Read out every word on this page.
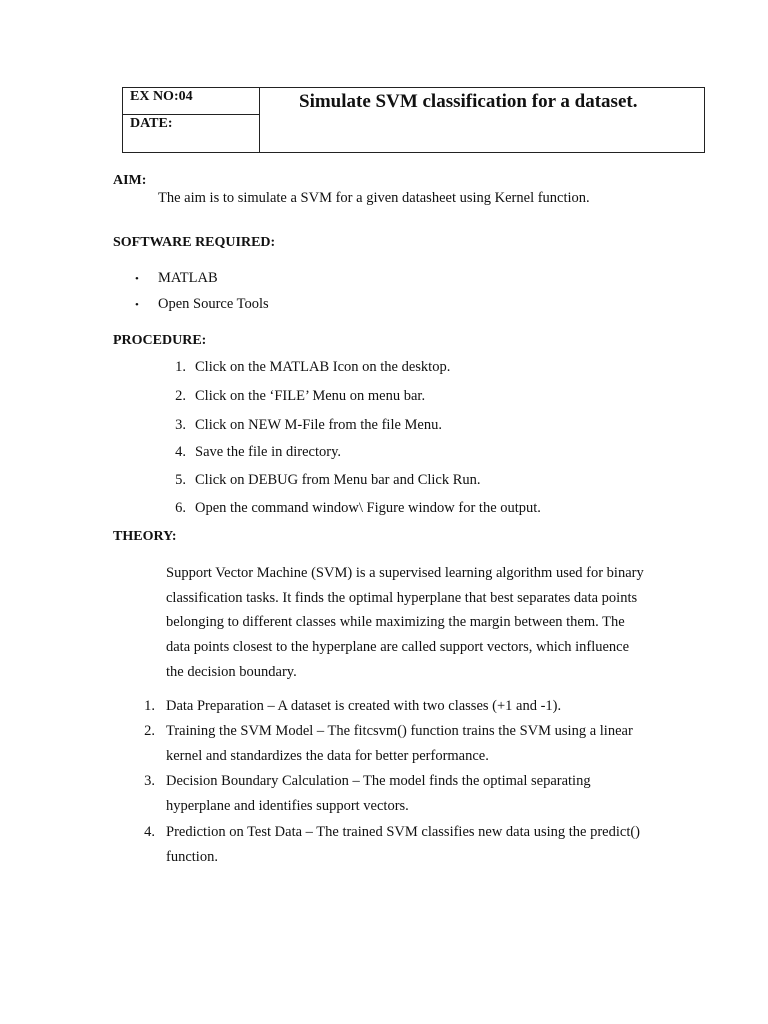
EX NO:04
DATE:
Simulate SVM classification for a dataset.
AIM:
The aim is to simulate a SVM for a given datasheet using Kernel function.
SOFTWARE REQUIRED:
• MATLAB
• Open Source Tools
PROCEDURE:
1. Click on the MATLAB Icon on the desktop.
2. Click on the ‘FILE’ Menu on menu bar.
3. Click on NEW M-File from the file Menu.
4. Save the file in directory.
5. Click on DEBUG from Menu bar and Click Run.
6. Open the command window\ Figure window for the output.
THEORY:
Support Vector Machine (SVM) is a supervised learning algorithm used for binary
classification tasks. It finds the optimal hyperplane that best separates data points
belonging to different classes while maximizing the margin between them. The
data points closest to the hyperplane are called support vectors, which influence
the decision boundary.
1. Data Preparation – A dataset is created with two classes (+1 and -1).
2. Training the SVM Model – The fitcsvm() function trains the SVM using a linear
kernel and standardizes the data for better performance.
3. Decision Boundary Calculation – The model finds the optimal separating
hyperplane and identifies support vectors.
4. Prediction on Test Data – The trained SVM classifies new data using the predict()
function.
